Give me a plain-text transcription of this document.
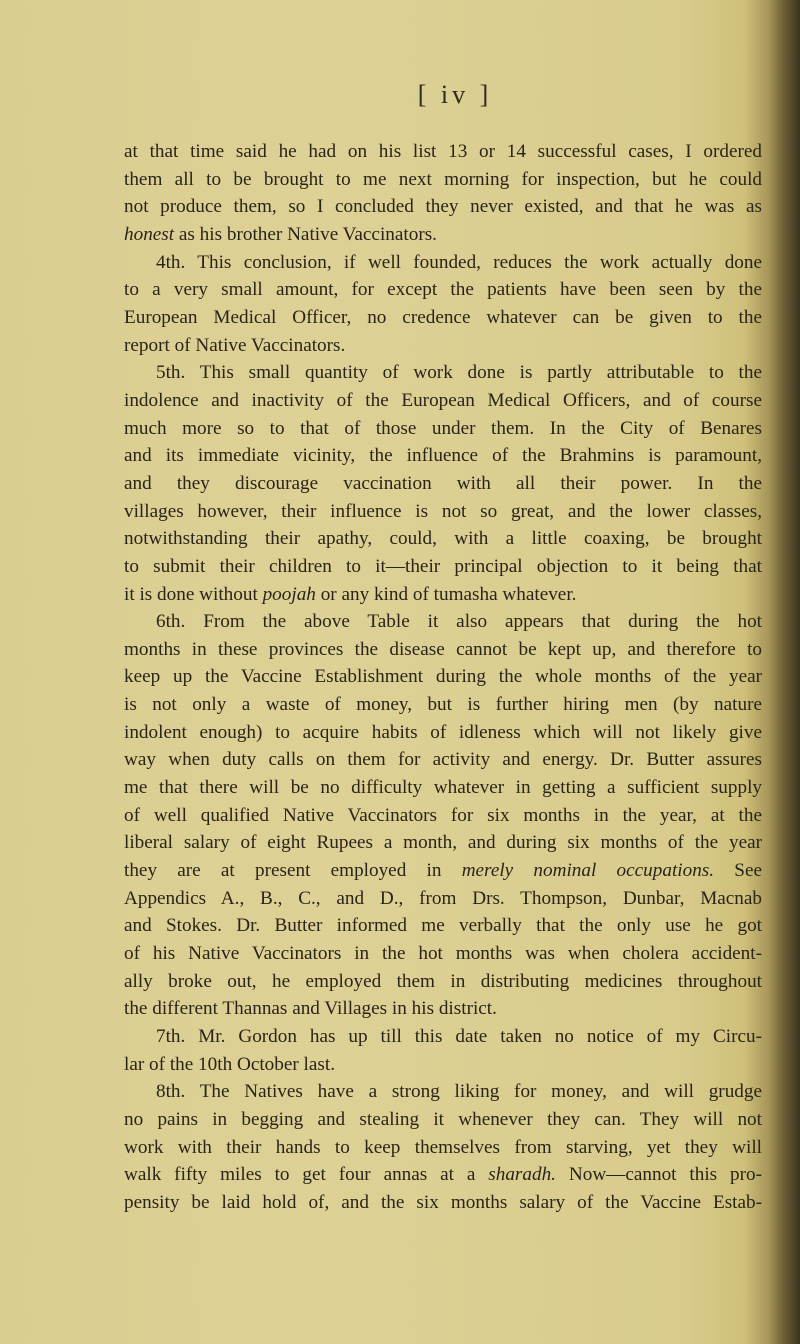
[ iv ]
at that time said he had on his list 13 or 14 successful cases, I ordered
them all to be brought to me next morning for inspection, but he could
not produce them, so I concluded they never existed, and that he was as
honest as his brother Native Vaccinators.
4th. This conclusion, if well founded, reduces the work actually done
to a very small amount, for except the patients have been seen by the
European Medical Officer, no credence whatever can be given to the
report of Native Vaccinators.
5th. This small quantity of work done is partly attributable to the
indolence and inactivity of the European Medical Officers, and of course
much more so to that of those under them. In the City of Benares
and its immediate vicinity, the influence of the Brahmins is paramount,
and they discourage vaccination with all their power. In the
villages however, their influence is not so great, and the lower classes,
notwithstanding their apathy, could, with a little coaxing, be brought
to submit their children to it—their principal objection to it being that
it is done without poojah or any kind of tumasha whatever.
6th. From the above Table it also appears that during the hot
months in these provinces the disease cannot be kept up, and therefore to
keep up the Vaccine Establishment during the whole months of the year
is not only a waste of money, but is further hiring men (by nature
indolent enough) to acquire habits of idleness which will not likely give
way when duty calls on them for activity and energy. Dr. Butter assures
me that there will be no difficulty whatever in getting a sufficient supply
of well qualified Native Vaccinators for six months in the year, at the
liberal salary of eight Rupees a month, and during six months of the year
they are at present employed in merely nominal occupations. See
Appendics A., B., C., and D., from Drs. Thompson, Dunbar, Macnab
and Stokes. Dr. Butter informed me verbally that the only use he got
of his Native Vaccinators in the hot months was when cholera accident-
ally broke out, he employed them in distributing medicines throughout
the different Thannas and Villages in his district.
7th. Mr. Gordon has up till this date taken no notice of my Circu-
lar of the 10th October last.
8th. The Natives have a strong liking for money, and will grudge
no pains in begging and stealing it whenever they can. They will not
work with their hands to keep themselves from starving, yet they will
walk fifty miles to get four annas at a sharadh. Now—cannot this pro-
pensity be laid hold of, and the six months salary of the Vaccine Estab-
